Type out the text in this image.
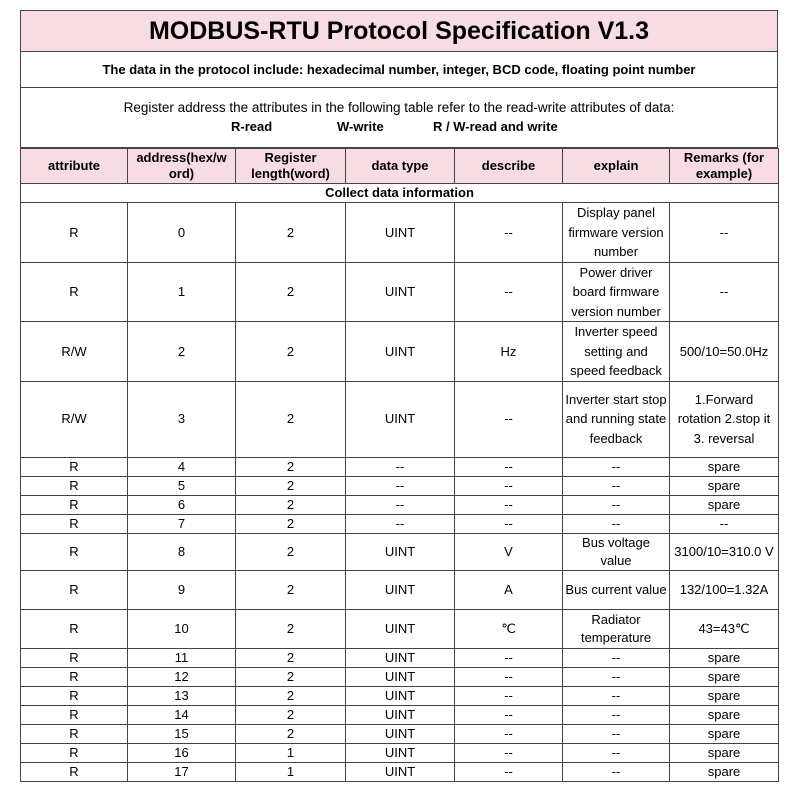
MODBUS-RTU Protocol Specification V1.3
The data in the protocol include: hexadecimal number, integer, BCD code, floating point number
Register address the attributes in the following table refer to the read-write attributes of data:
R-read	W-write	R / W-read and write
attribute	address(hex/w ord)	Register length(word)	data type	describe	explain	Remarks (for example)
Collect data information						
R	0	2	UINT	--	Display panel firmware version number	--
R	1	2	UINT	--	Power driver board firmware version number	--
R/W	2	2	UINT	Hz	Inverter speed setting and speed feedback	500/10=50.0Hz
R/W	3	2	UINT	--	Inverter start stop and running state feedback	1.Forward rotation 2.stop it 3. reversal
R	4	2	--	--	--	spare
R	5	2	--	--	--	spare
R	6	2	--	--	--	spare
R	7	2	--	--	--	--
R	8	2	UINT	V	Bus voltage value	3100/10=310.0 V
R	9	2	UINT	A	Bus current value	132/100=1.32A
R	10	2	UINT	℃	Radiator temperature	43=43℃
R	11	2	UINT	--	--	spare
R	12	2	UINT	--	--	spare
R	13	2	UINT	--	--	spare
R	14	2	UINT	--	--	spare
R	15	2	UINT	--	--	spare
R	16	1	UINT	--	--	spare
R	17	1	UINT	--	--	spare
